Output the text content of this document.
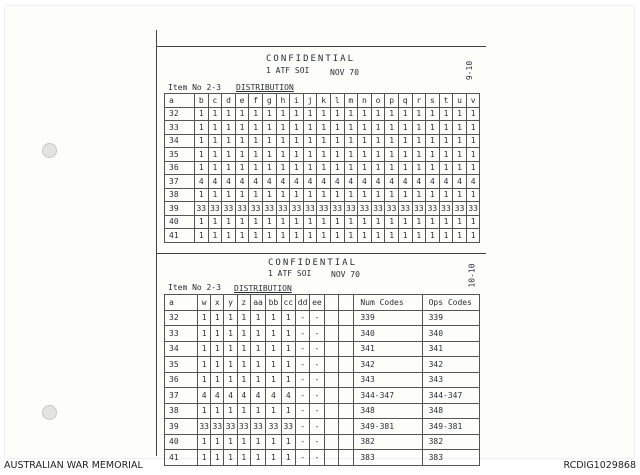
CONFIDENTIAL
1 ATF SOI	NOV 70	9-10
Item No 2-3 DISTRIBUTION
a	b	c	d	e	f	g	h	i	j	k	l	m	n	o	p	q	r	s	t	u	v	
32	1	1	1	1	1	1	1	1	1	1	1	1	1	1	1	1	1	1	1	1	1	
33	1	1	1	1	1	1	1	1	1	1	1	1	1	1	1	1	1	1	1	1	1	
34	1	1	1	1	1	1	1	1	1	1	1	1	1	1	1	1	1	1	1	1	1	
35	1	1	1	1	1	1	1	1	1	1	1	1	1	1	1	1	1	1	1	1	1	
36	1	1	1	1	1	1	1	1	1	1	1	1	1	1	1	1	1	1	1	1	1	
37	4	4	4	4	4	4	4	4	4	4	4	4	4	4	4	4	4	4	4	4	4	
38	1	1	1	1	1	1	1	1	1	1	1	1	1	1	1	1	1	1	1	1	1	
39	33	33	33	33	33	33	33	33	33	33	33	33	33	33	33	33	33	33	33	33	33	
40	1	1	1	1	1	1	1	1	1	1	1	1	1	1	1	1	1	1	1	1	1	
41	1	1	1	1	1	1	1	1	1	1	1	1	1	1	1	1	1	1	1	1	1	
CONFIDENTIAL
1 ATF SOI NOV 70	10-10
Item No 2-3 DISTRIBUTION
a	w	x	y	z	aa	bb	cc	dd	ee			Num Codes	Ops Codes
32	1	1	1	1	1	1	1	-	-			339	339
33	1	1	1	1	1	1	1	-	-			340	340
34	1	1	1	1	1	1	1	-	-			341	341
35	1	1	1	1	1	1	1	-	-			342	342
36	1	1	1	1	1	1	1	-	-			343	343
37	4	4	4	4	4	4	4	-	-			344-347	344-347
38	1	1	1	1	1	1	1	-	-			348	348
39	33	33	33	33	33	33	33	-	-			349-381	349-381
40	1	1	1	1	1	1	1	-	-			382	382
41	1	1	1	1	1	1	1	-	-			383	383
AUSTRALIAN WAR MEMORIAL	RCDIG1029868
